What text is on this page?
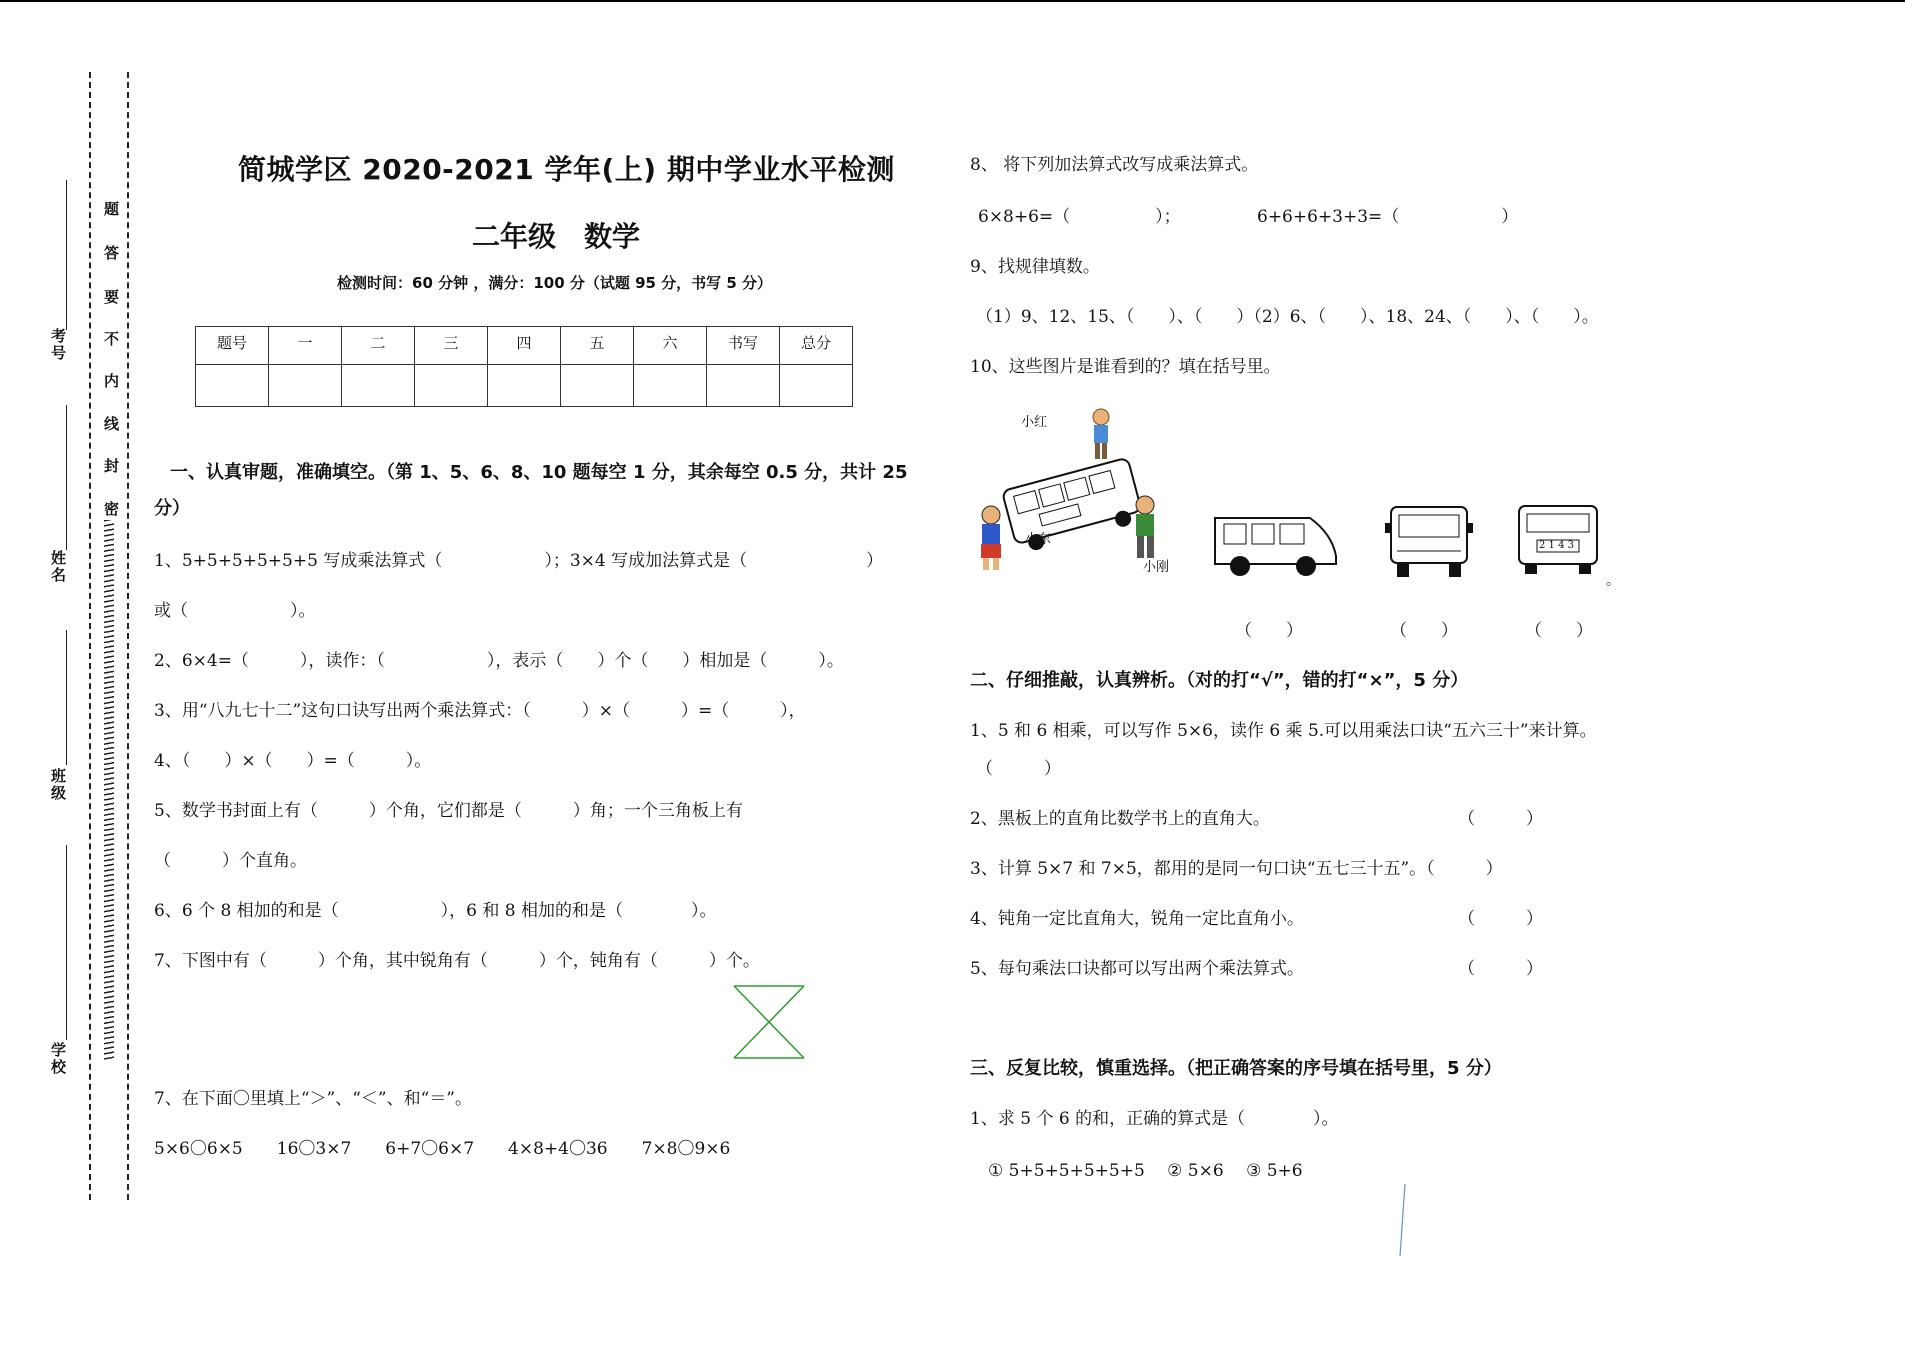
考号
姓名
班级
学校
题
答
要
不
内
线
封
密
简城学区 2020-2021 学年(上) 期中学业水平检测
二年级　数学
检测时间：60 分钟 ，满分：100 分（试题 95 分，书写 5 分）
题号	一	二	三	四	五	六	书写	总分

一、认真审题，准确填空。（第 1、5、6、8、10 题每空 1 分，其余每空 0.5 分，共计 25
分）
1、5+5+5+5+5+5 写成乘法算式（　　　　　　）；3×4 写成加法算式是（　　　　　　　）
或（　　　　　　）。
2、6×4=（　　　），读作：（　　　　　　），表示（　　）个（　　）相加是（　　　）。
3、用“八九七十二”这句口诀写出两个乘法算式：（　　　）×（　　　）=（　　　），
4、（　　）×（　　）=（　　　）。
5、数学书封面上有（　　　）个角，它们都是（　　　）角；一个三角板上有
（　　　）个直角。
6、6 个 8 相加的和是（　　　　　　），6 和 8 相加的和是（　　　　）。
7、下图中有（　　　）个角，其中锐角有（　　　）个，钝角有（　　　）个。
7、在下面〇里填上“＞”、“＜”、和“＝”。
5×6〇6×5　　16〇3×7　　6+7〇6×7　　4×8+4〇36　　7×8〇9×6
8、 将下列加法算式改写成乘法算式。
6×8+6=（　　　　　）；	6+6+6+3+3=（　　　　　　）
9、找规律填数。
（1）9、12、15、（　　）、（　　）（2）6、（　　）、18、24、（　　）、（　　）。
10、这些图片是谁看到的？填在括号里。
小红
小东
小刚
2 1 4 3
。
（　　）	（　　）	（　　）
二、仔细推敲，认真辨析。（对的打“√”，错的打“×”，5 分）
1、5 和 6 相乘，可以写作 5×6，读作 6 乘 5.可以用乘法口诀“五六三十”来计算。
（　　　）
2、黑板上的直角比数学书上的直角大。	（　　　）
3、计算 5×7 和 7×5，都用的是同一句口诀“五七三十五”。（　　　）
4、钝角一定比直角大，锐角一定比直角小。	（　　　）
5、每句乘法口诀都可以写出两个乘法算式。	（　　　）
三、反复比较，慎重选择。（把正确答案的序号填在括号里，5 分）
1、求 5 个 6 的和，正确的算式是（　　　　）。
① 5+5+5+5+5+5　 ② 5×6　 ③ 5+6
